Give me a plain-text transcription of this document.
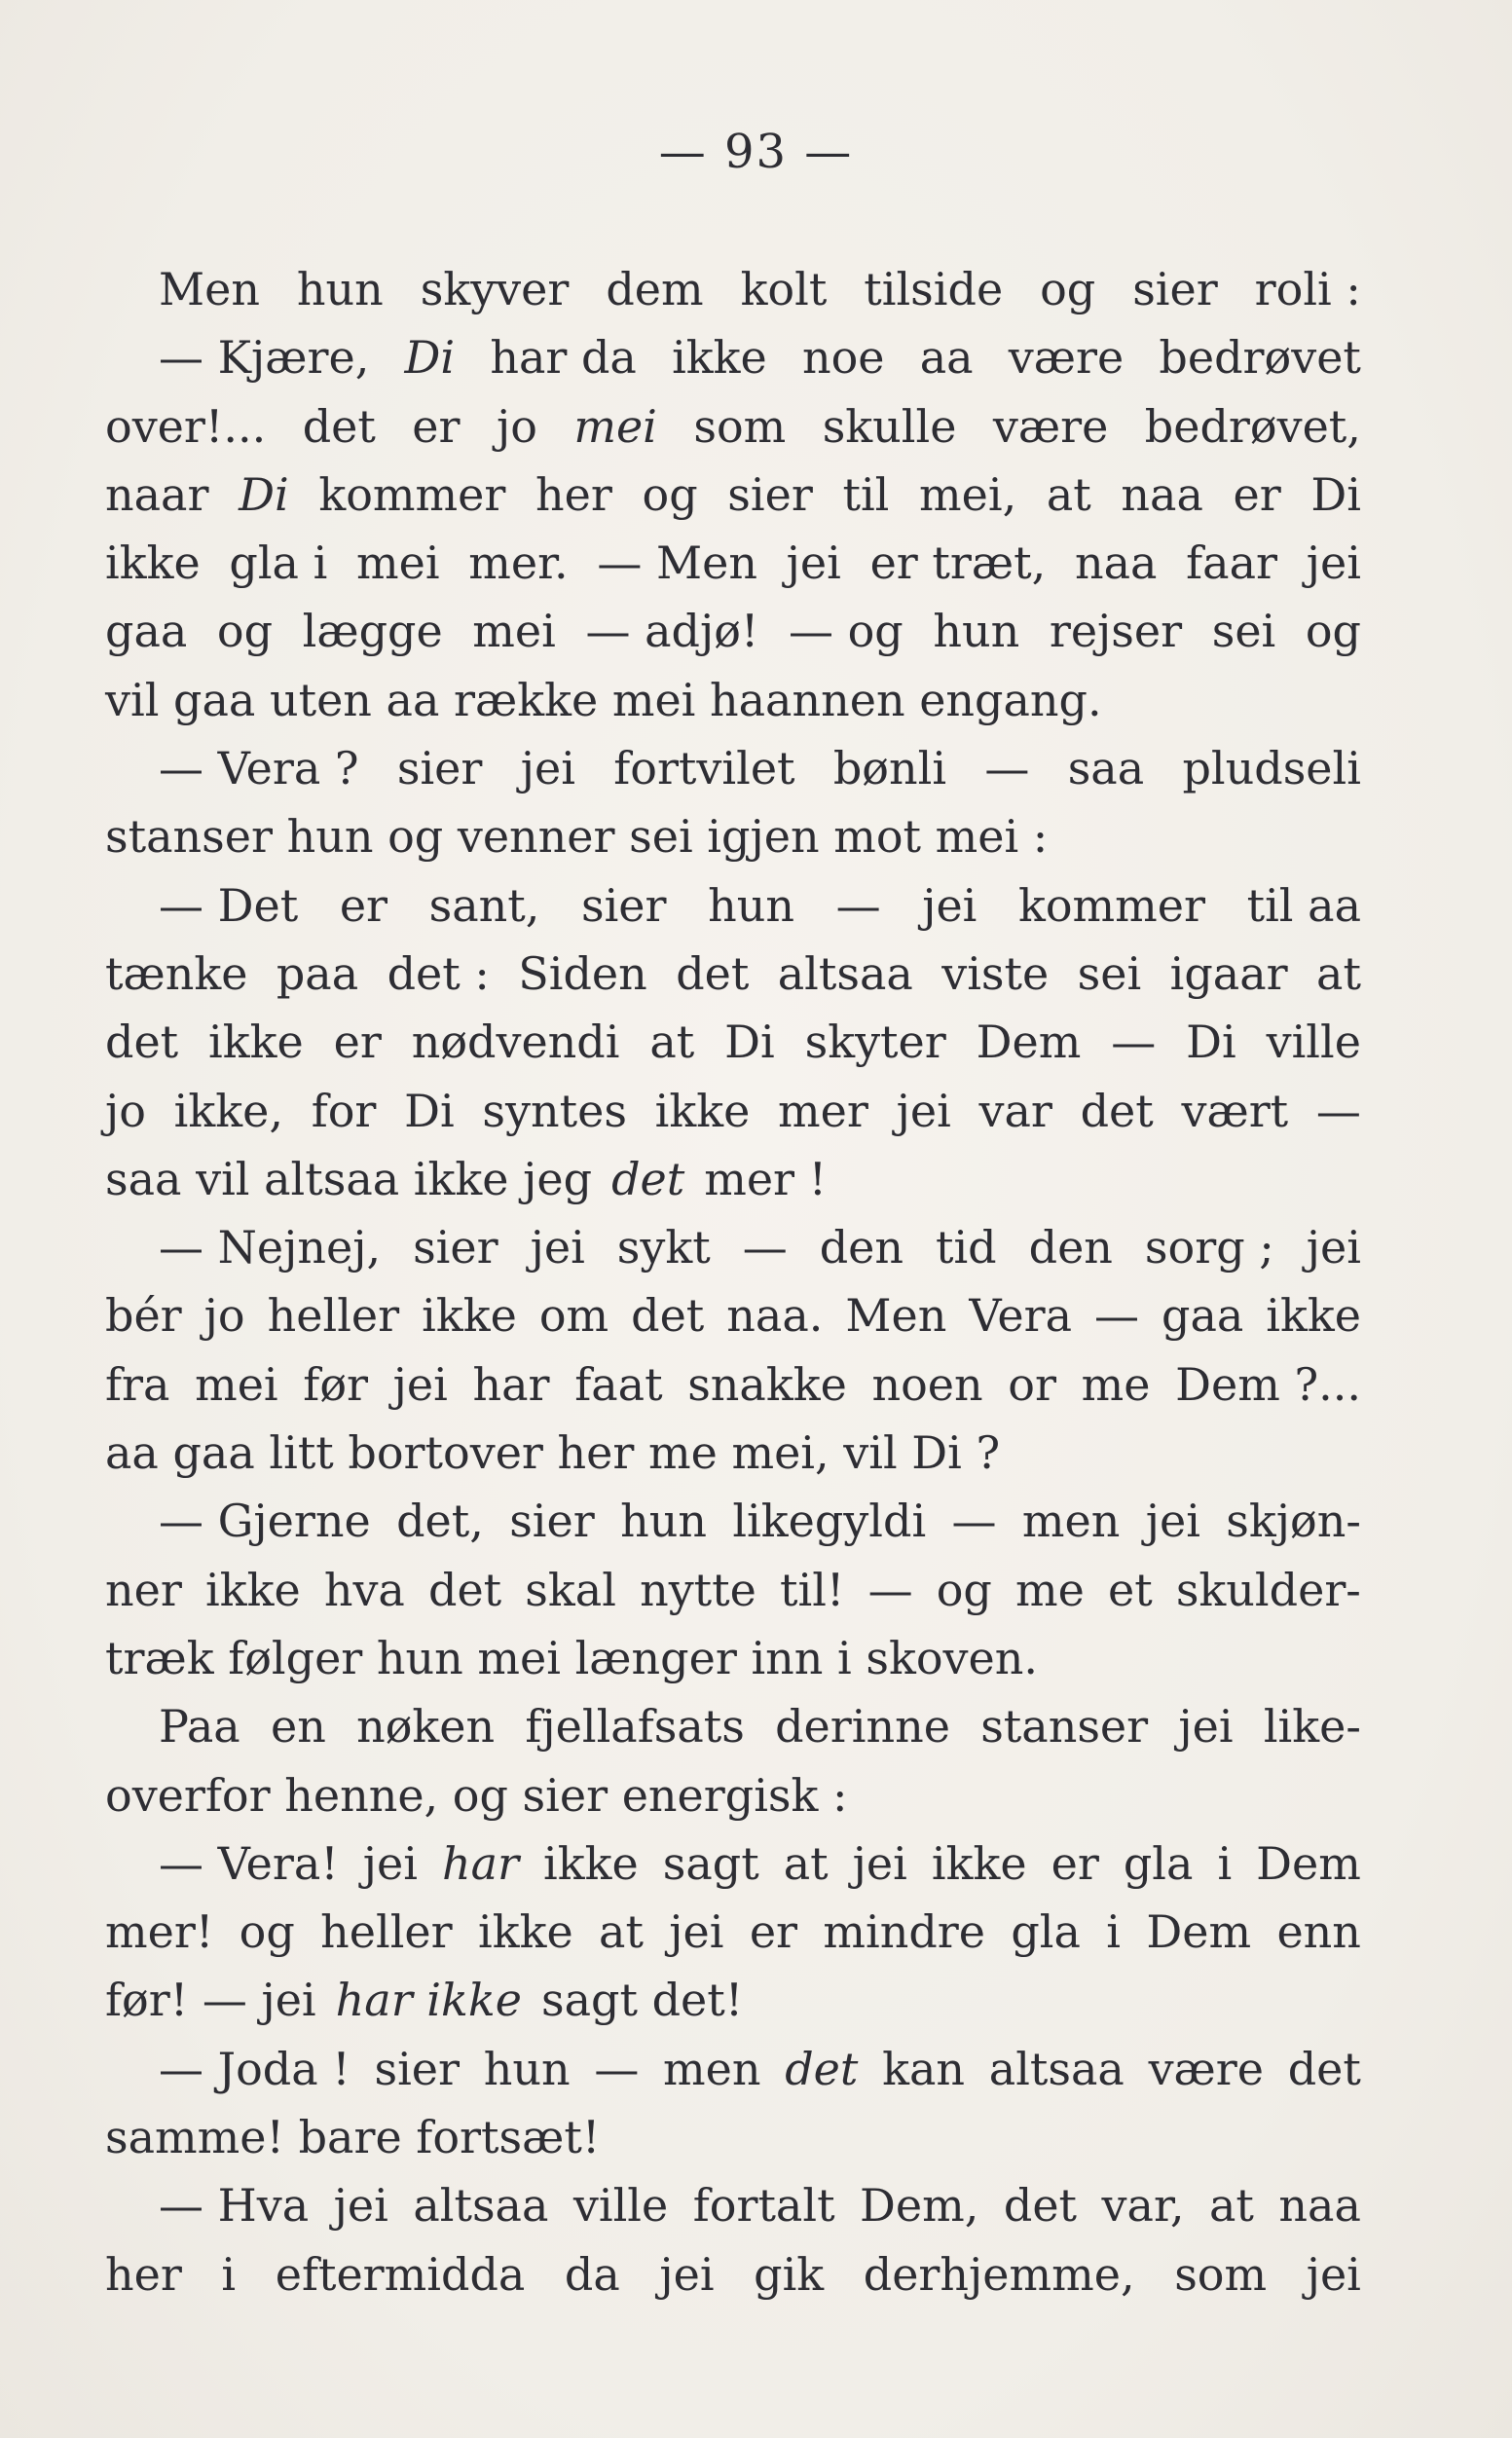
— 93 —
Men hun skyver dem kolt tilside og sier roli :
— Kjære, Di har da ikke noe aa være bedrøvet
over!... det er jo mei som skulle være bedrøvet,
naar Di kommer her og sier til mei, at naa er Di
ikke gla i mei mer. — Men jei er træt, naa faar jei
gaa og lægge mei — adjø! — og hun rejser sei og
vil gaa uten aa række mei haannen engang.
— Vera ? sier jei fortvilet bønli — saa pludseli
stanser hun og venner sei igjen mot mei :
— Det er sant, sier hun — jei kommer til aa
tænke paa det : Siden det altsaa viste sei igaar at
det ikke er nødvendi at Di skyter Dem — Di ville
jo ikke, for Di syntes ikke mer jei var det vært —
saa vil altsaa ikke jeg det mer !
— Nejnej, sier jei sykt — den tid den sorg ; jei
bér jo heller ikke om det naa. Men Vera — gaa ikke
fra mei før jei har faat snakke noen or me Dem ?...
aa gaa litt bortover her me mei, vil Di ?
— Gjerne det, sier hun likegyldi — men jei skjøn-
ner ikke hva det skal nytte til! — og me et skulder-
træk følger hun mei længer inn i skoven.
Paa en nøken fjellafsats derinne stanser jei like-
overfor henne, og sier energisk :
— Vera! jei har ikke sagt at jei ikke er gla i Dem
mer! og heller ikke at jei er mindre gla i Dem enn
før! — jei har ikke sagt det!
— Joda ! sier hun — men det kan altsaa være det
samme! bare fortsæt!
— Hva jei altsaa ville fortalt Dem, det var, at naa
her i eftermidda da jei gik derhjemme, som jei
